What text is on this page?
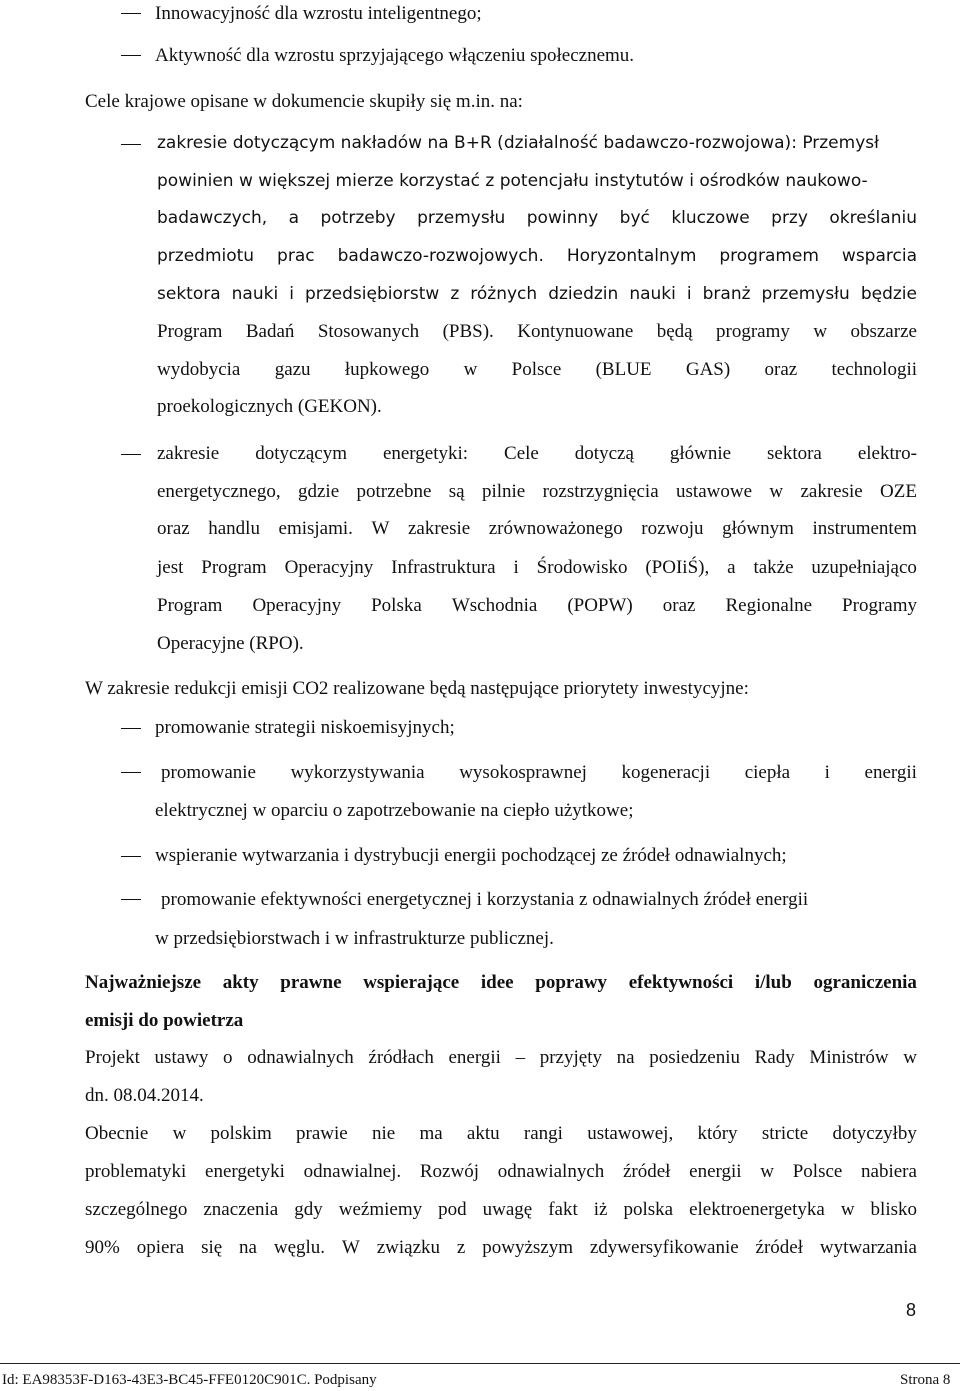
Innowacyjność dla wzrostu inteligentnego;
Aktywność dla wzrostu sprzyjającego włączeniu społecznemu.
Cele krajowe opisane w dokumencie skupiły się m.in. na:
zakresie dotyczącym nakładów na B+R (działalność badawczo-rozwojowa): Przemysł
powinien w większej mierze korzystać z potencjału instytutów i ośrodków naukowo-
badawczych, a potrzeby przemysłu powinny być kluczowe przy określaniu
przedmiotu prac badawczo-rozwojowych. Horyzontalnym programem wsparcia
sektora nauki i przedsiębiorstw z różnych dziedzin nauki i branż przemysłu będzie
Program Badań Stosowanych (PBS). Kontynuowane będą programy w obszarze
wydobycia gazu łupkowego w Polsce (BLUE GAS) oraz technologii
proekologicznych (GEKON).
zakresie dotyczącym energetyki: Cele dotyczą głównie sektora elektro-
energetycznego, gdzie potrzebne są pilnie rozstrzygnięcia ustawowe w zakresie OZE
oraz handlu emisjami. W zakresie zrównoważonego rozwoju głównym instrumentem
jest Program Operacyjny Infrastruktura i Środowisko (POIiŚ), a także uzupełniająco
Program Operacyjny Polska Wschodnia (POPW) oraz Regionalne Programy
Operacyjne (RPO).
W zakresie redukcji emisji CO2 realizowane będą następujące priorytety inwestycyjne:
promowanie strategii niskoemisyjnych;
promowanie wykorzystywania wysokosprawnej kogeneracji ciepła i energii
elektrycznej w oparciu o zapotrzebowanie na ciepło użytkowe;
wspieranie wytwarzania i dystrybucji energii pochodzącej ze źródeł odnawialnych;
promowanie efektywności energetycznej i korzystania z odnawialnych źródeł energii
w przedsiębiorstwach i w infrastrukturze publicznej.
Najważniejsze akty prawne wspierające idee poprawy efektywności i/lub ograniczenia
emisji do powietrza
Projekt ustawy o odnawialnych źródłach energii – przyjęty na posiedzeniu Rady Ministrów w
dn. 08.04.2014.
Obecnie w polskim prawie nie ma aktu rangi ustawowej, który stricte dotyczyłby
problematyki energetyki odnawialnej. Rozwój odnawialnych źródeł energii w Polsce nabiera
szczególnego znaczenia gdy weźmiemy pod uwagę fakt iż polska elektroenergetyka w blisko
90% opiera się na węglu. W związku z powyższym zdywersyfikowanie źródeł wytwarzania
8
Id: EA98353F-D163-43E3-BC45-FFE0120C901C. Podpisany	Strona 8
